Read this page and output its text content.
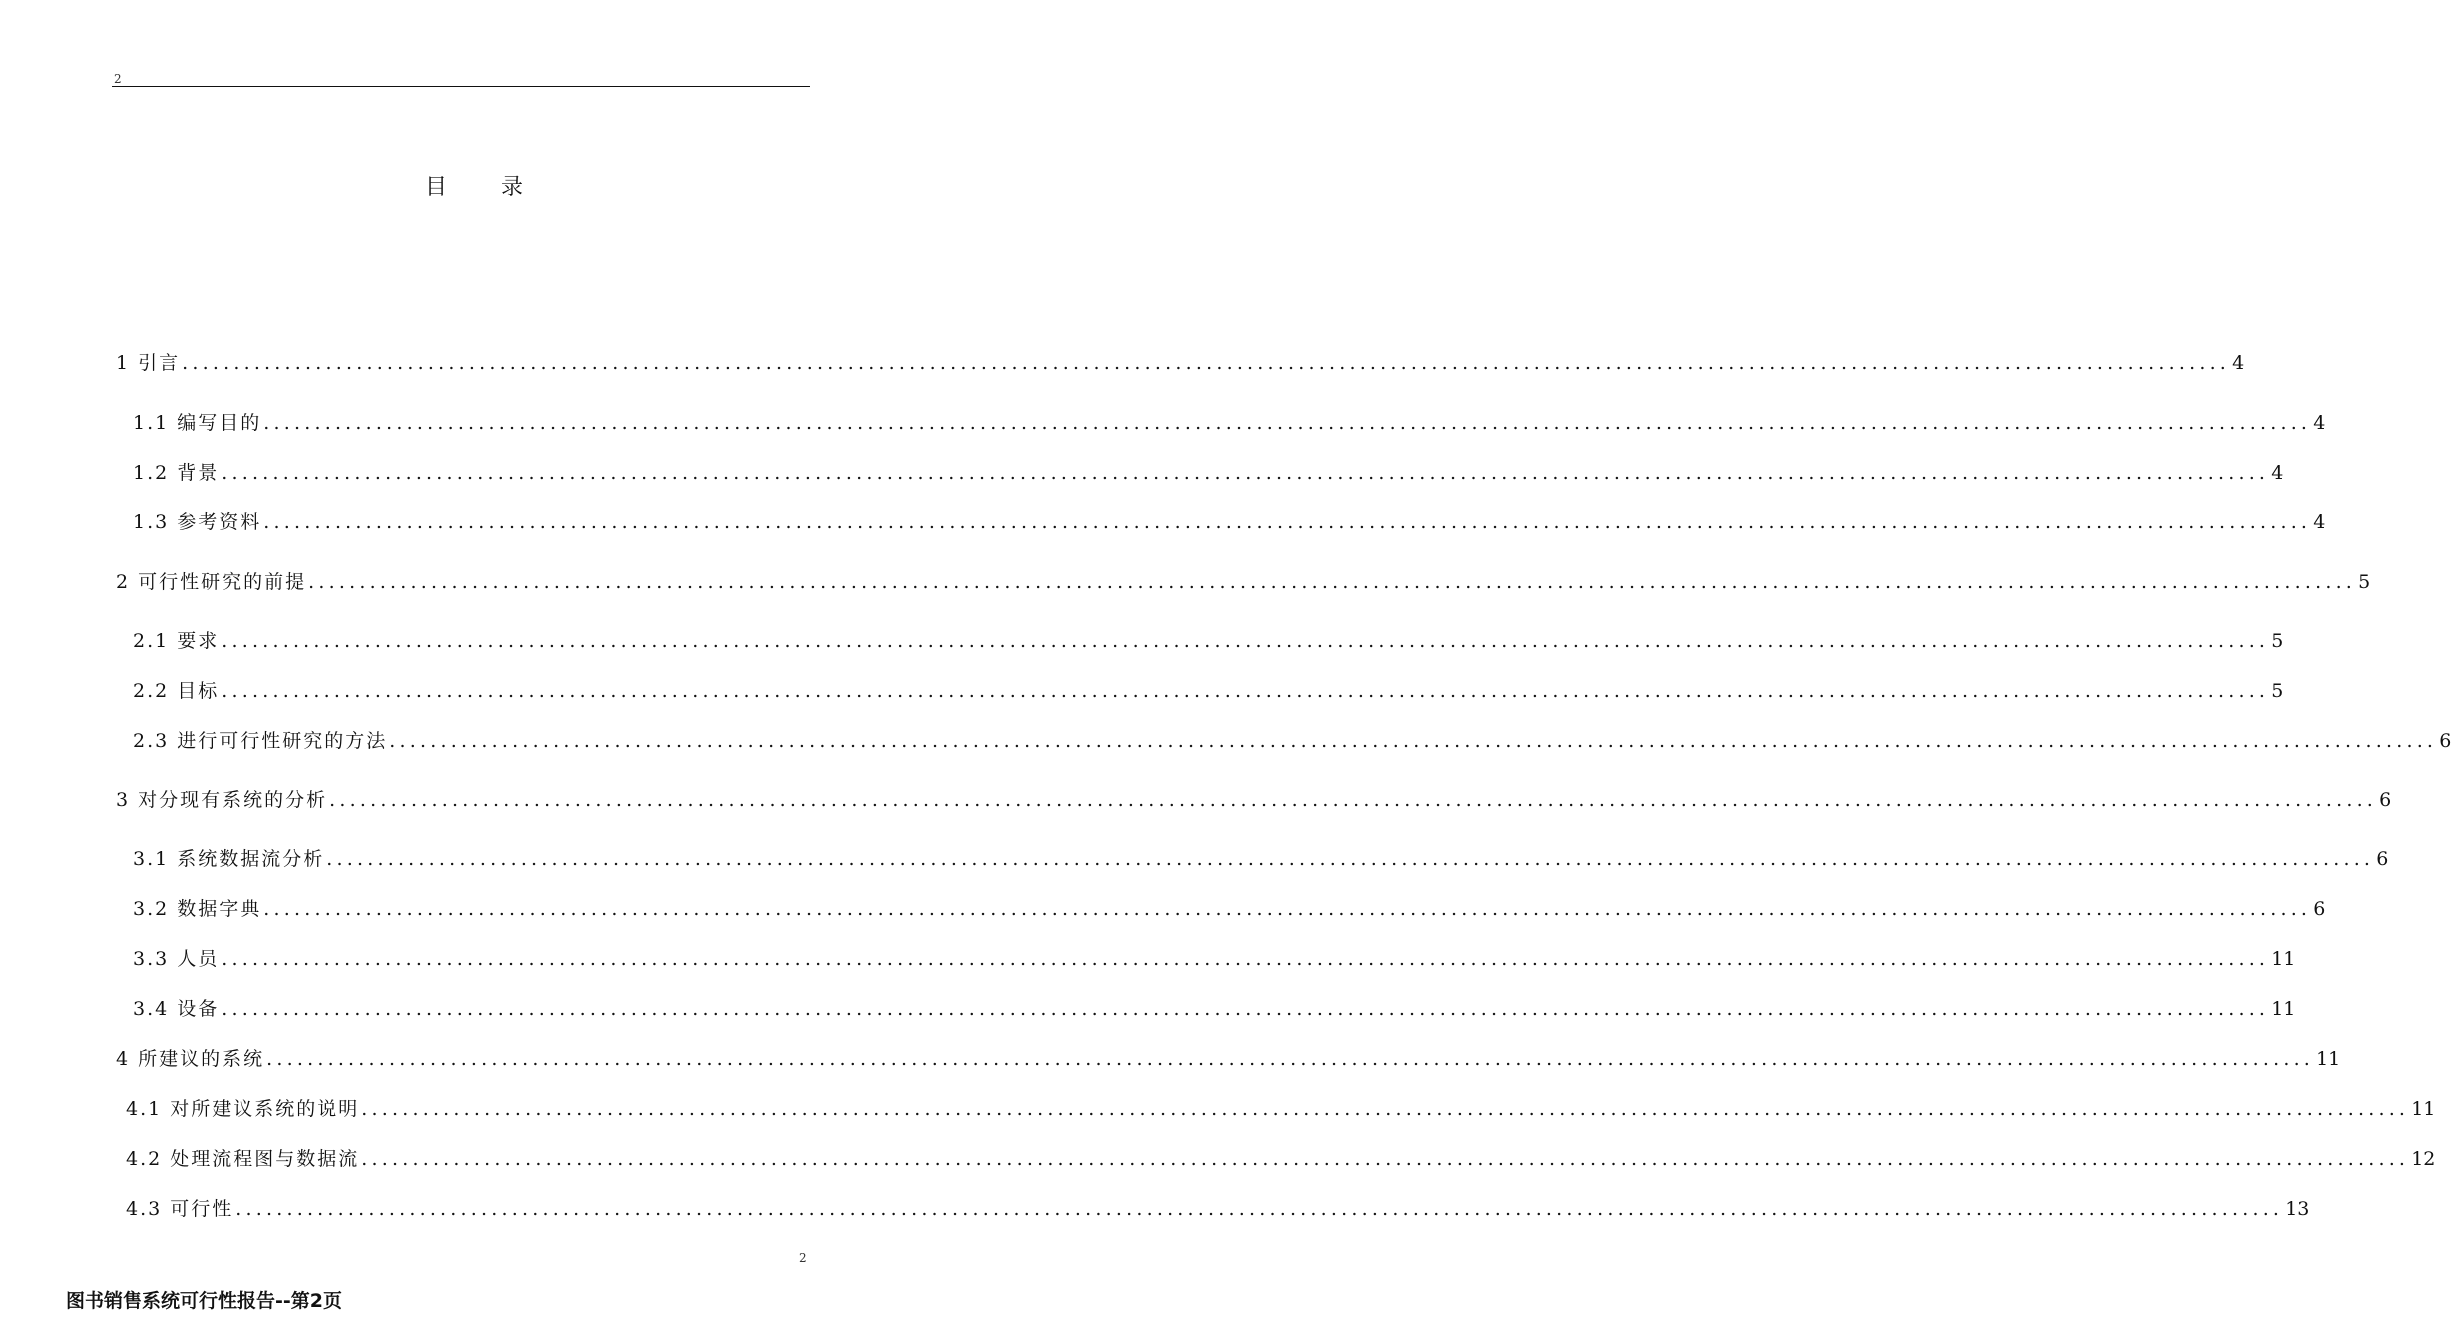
2
目 录
1 引言 ........................................................................................................................................................................................................ 4
1.1 编写目的 ........................................................................................................................................................................................................ 4
1.2 背景 ........................................................................................................................................................................................................ 4
1.3 参考资料 ........................................................................................................................................................................................................ 4
2 可行性研究的前提 ........................................................................................................................................................................................................ 5
2.1 要求 ........................................................................................................................................................................................................ 5
2.2 目标 ........................................................................................................................................................................................................ 5
2.3 进行可行性研究的方法 ........................................................................................................................................................................................................ 6
3 对分现有系统的分析 ........................................................................................................................................................................................................ 6
3.1 系统数据流分析 ........................................................................................................................................................................................................ 6
3.2 数据字典 ........................................................................................................................................................................................................ 6
3.3 人员 ........................................................................................................................................................................................................ 11
3.4 设备 ........................................................................................................................................................................................................ 11
4 所建议的系统 ........................................................................................................................................................................................................ 11
4.1 对所建议系统的说明 ........................................................................................................................................................................................................ 11
4.2 处理流程图与数据流 ........................................................................................................................................................................................................ 12
4.3 可行性 ........................................................................................................................................................................................................ 13
2
图书销售系统可行性报告--第2页
